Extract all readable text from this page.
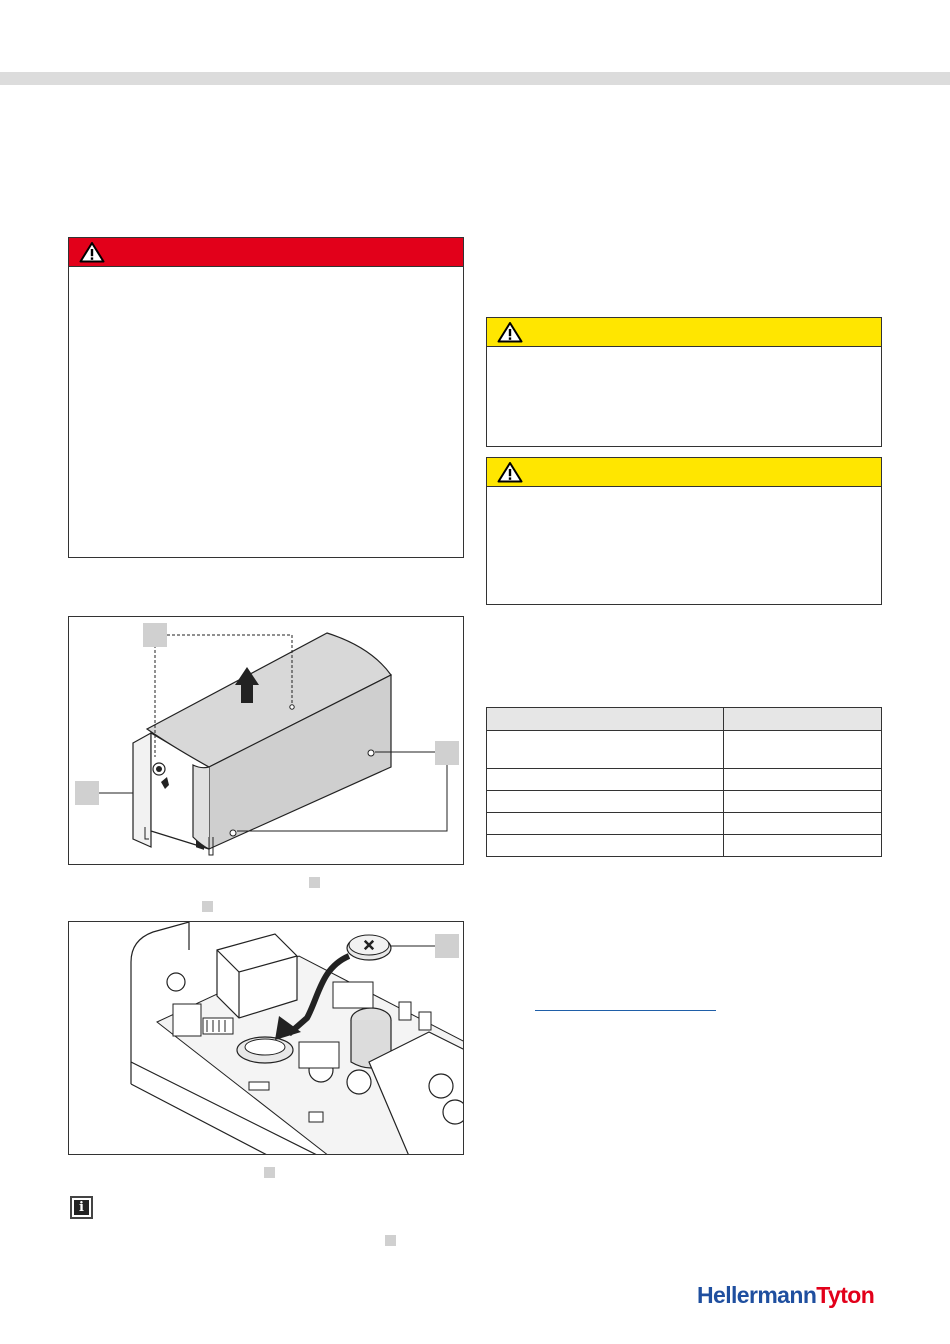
i

HellermannTyton
